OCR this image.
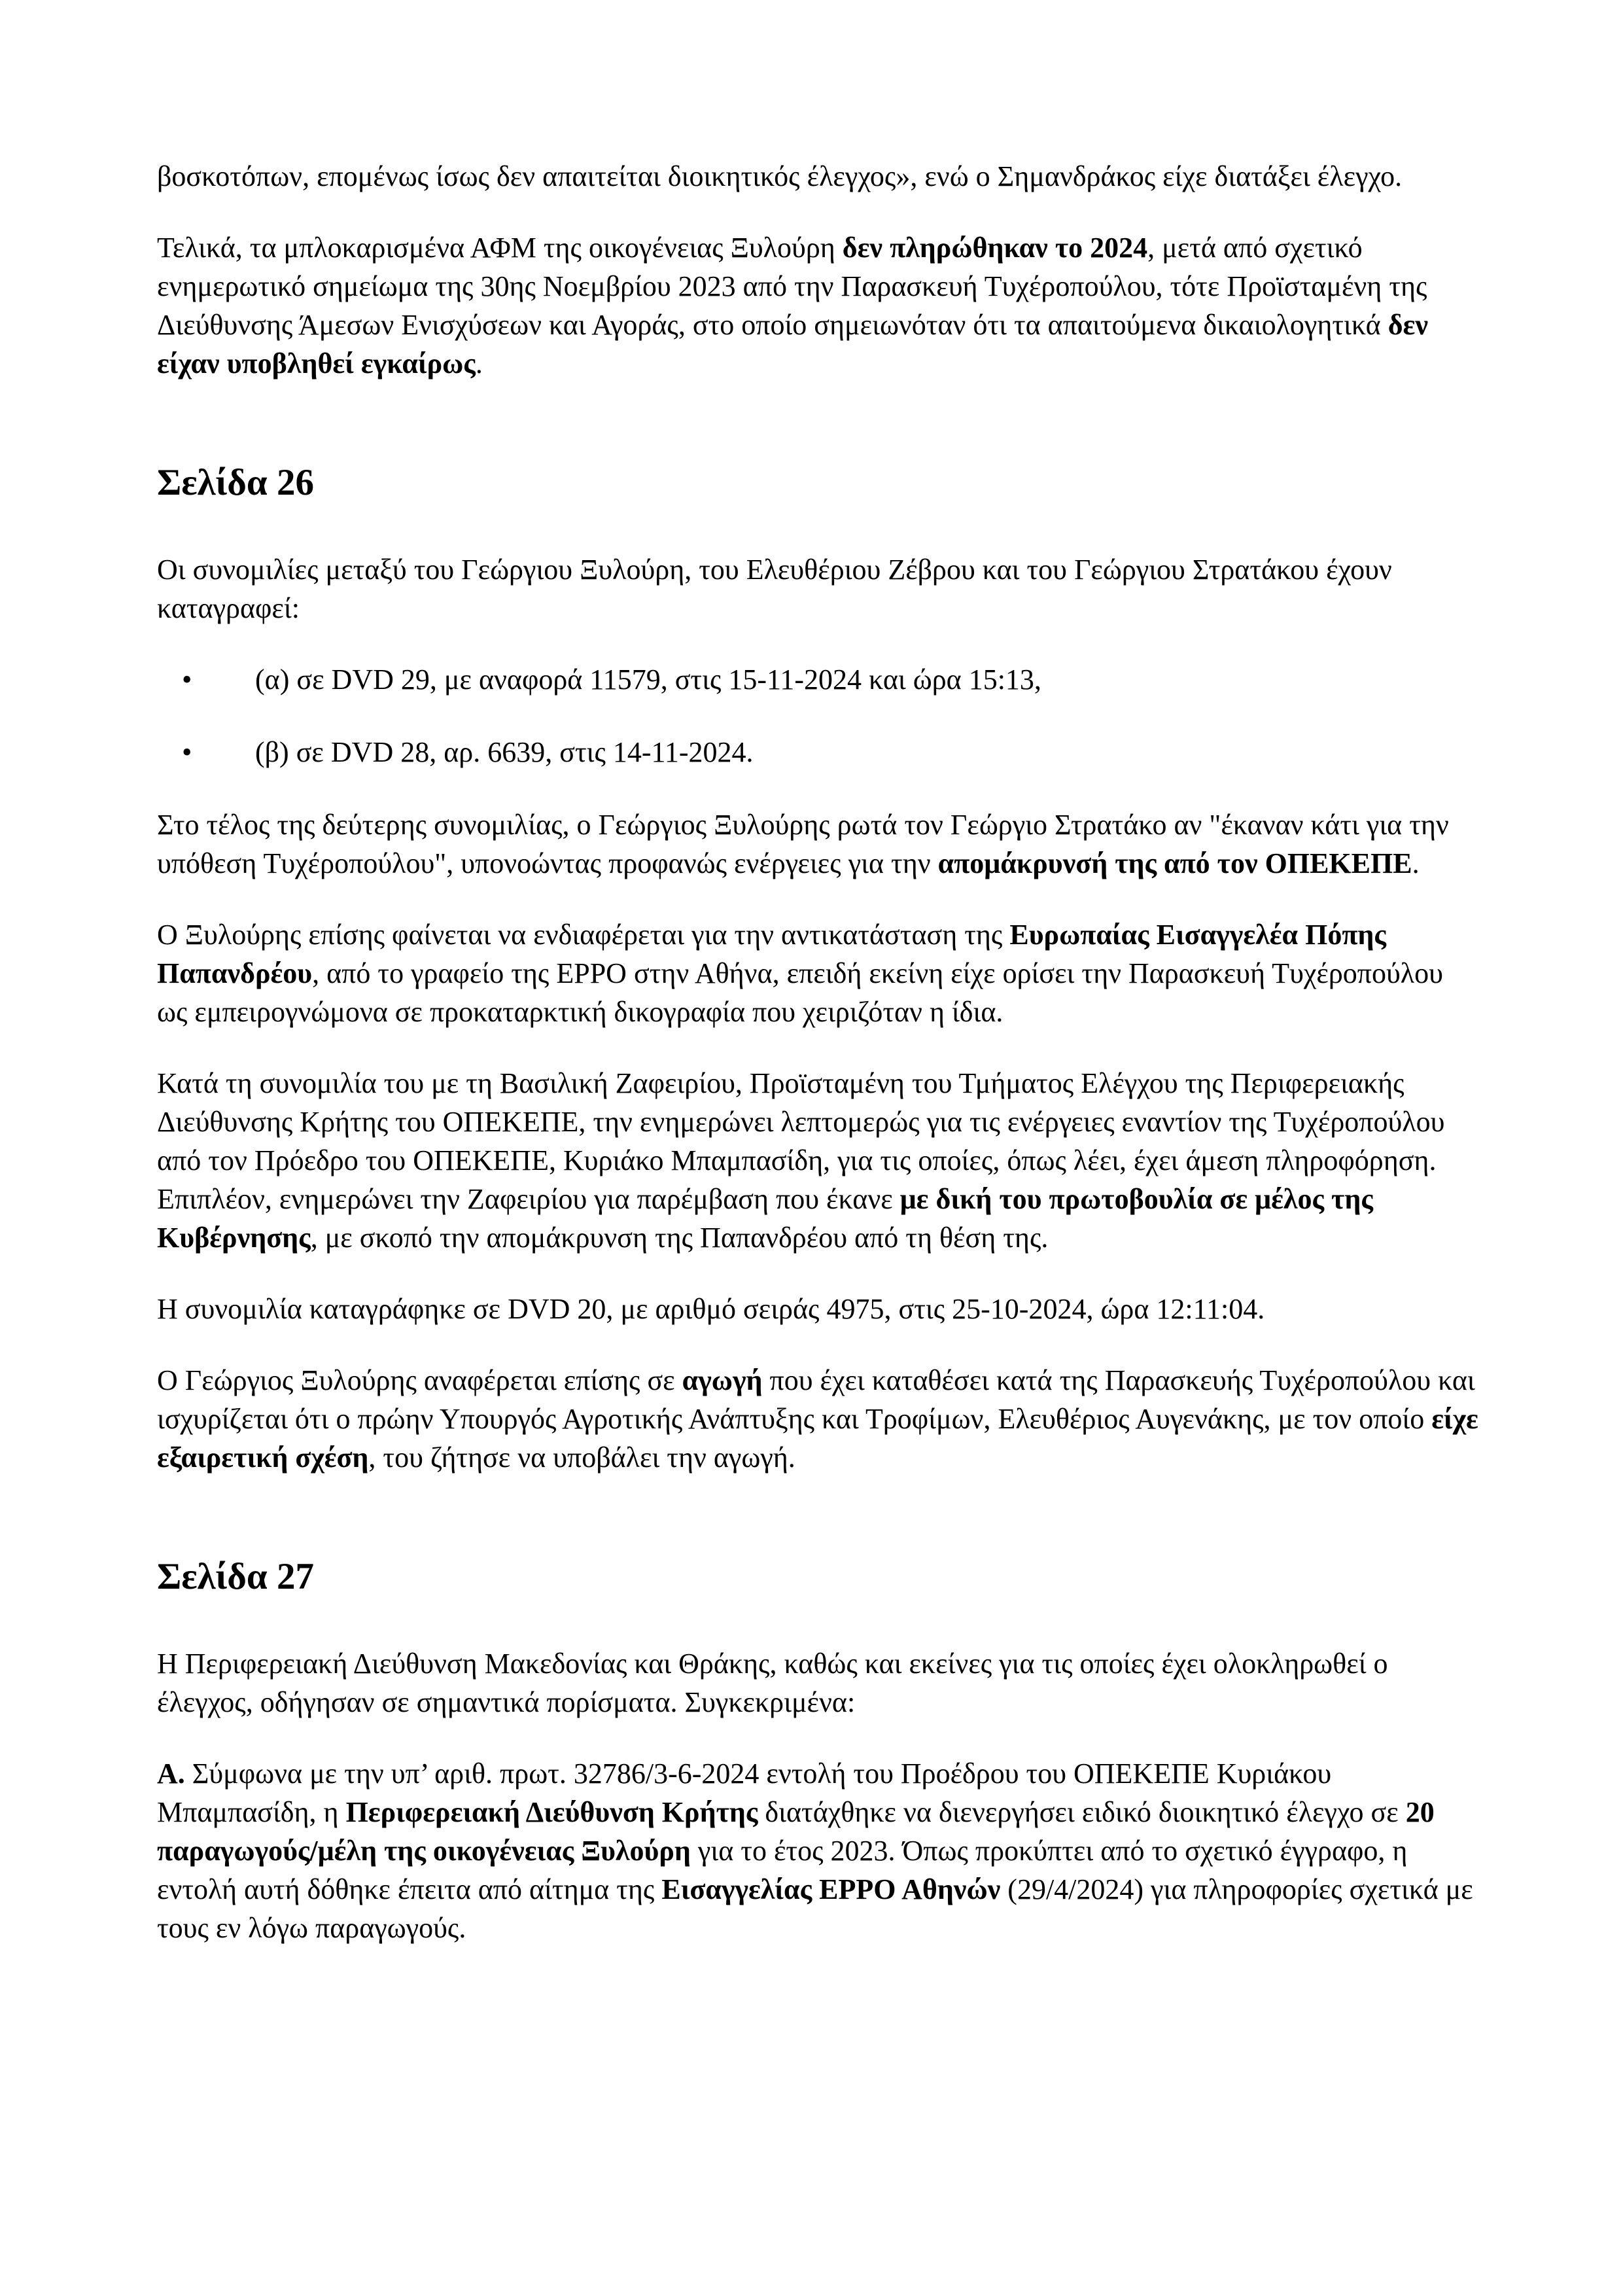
βοσκοτόπων, επομένως ίσως δεν απαιτείται διοικητικός έλεγχος», ενώ ο Σημανδράκος είχε διατάξει έλεγχο.

Τελικά, τα μπλοκαρισμένα ΑΦΜ της οικογένειας Ξυλούρη δεν πληρώθηκαν το 2024, μετά από σχετικό ενημερωτικό σημείωμα της 30ης Νοεμβρίου 2023 από την Παρασκευή Τυχέροπούλου, τότε Προϊσταμένη της Διεύθυνσης Άμεσων Ενισχύσεων και Αγοράς, στο οποίο σημειωνόταν ότι τα απαιτούμενα δικαιολογητικά δεν είχαν υποβληθεί εγκαίρως.

Σελίδα 26

Οι συνομιλίες μεταξύ του Γεώργιου Ξυλούρη, του Ελευθέριου Ζέβρου και του Γεώργιου Στρατάκου έχουν καταγραφεί:

• (α) σε DVD 29, με αναφορά 11579, στις 15-11-2024 και ώρα 15:13,
• (β) σε DVD 28, αρ. 6639, στις 14-11-2024.

Στο τέλος της δεύτερης συνομιλίας, ο Γεώργιος Ξυλούρης ρωτά τον Γεώργιο Στρατάκο αν "έκαναν κάτι για την υπόθεση Τυχέροπούλου", υπονοώντας προφανώς ενέργειες για την απομάκρυνσή της από τον ΟΠΕΚΕΠΕ.

Ο Ξυλούρης επίσης φαίνεται να ενδιαφέρεται για την αντικατάσταση της Ευρωπαίας Εισαγγελέα Πόπης Παπανδρέου, από το γραφείο της ΕΡΡΟ στην Αθήνα, επειδή εκείνη είχε ορίσει την Παρασκευή Τυχέροπούλου ως εμπειρογνώμονα σε προκαταρκτική δικογραφία που χειριζόταν η ίδια.

Κατά τη συνομιλία του με τη Βασιλική Ζαφειρίου, Προϊσταμένη του Τμήματος Ελέγχου της Περιφερειακής Διεύθυνσης Κρήτης του ΟΠΕΚΕΠΕ, την ενημερώνει λεπτομερώς για τις ενέργειες εναντίον της Τυχέροπούλου από τον Πρόεδρο του ΟΠΕΚΕΠΕ, Κυριάκο Μπαμπασίδη, για τις οποίες, όπως λέει, έχει άμεση πληροφόρηση. Επιπλέον, ενημερώνει την Ζαφειρίου για παρέμβαση που έκανε με δική του πρωτοβουλία σε μέλος της Κυβέρνησης, με σκοπό την απομάκρυνση της Παπανδρέου από τη θέση της.

Η συνομιλία καταγράφηκε σε DVD 20, με αριθμό σειράς 4975, στις 25-10-2024, ώρα 12:11:04.

Ο Γεώργιος Ξυλούρης αναφέρεται επίσης σε αγωγή που έχει καταθέσει κατά της Παρασκευής Τυχέροπούλου και ισχυρίζεται ότι ο πρώην Υπουργός Αγροτικής Ανάπτυξης και Τροφίμων, Ελευθέριος Αυγενάκης, με τον οποίο είχε εξαιρετική σχέση, του ζήτησε να υποβάλει την αγωγή.

Σελίδα 27

Η Περιφερειακή Διεύθυνση Μακεδονίας και Θράκης, καθώς και εκείνες για τις οποίες έχει ολοκληρωθεί ο έλεγχος, οδήγησαν σε σημαντικά πορίσματα. Συγκεκριμένα:

Α. Σύμφωνα με την υπ’ αριθ. πρωτ. 32786/3-6-2024 εντολή του Προέδρου του ΟΠΕΚΕΠΕ Κυριάκου Μπαμπασίδη, η Περιφερειακή Διεύθυνση Κρήτης διατάχθηκε να διενεργήσει ειδικό διοικητικό έλεγχο σε 20 παραγωγούς/μέλη της οικογένειας Ξυλούρη για το έτος 2023. Όπως προκύπτει από το σχετικό έγγραφο, η εντολή αυτή δόθηκε έπειτα από αίτημα της Εισαγγελίας ΕΡΡΟ Αθηνών (29/4/2024) για πληροφορίες σχετικά με τους εν λόγω παραγωγούς.
